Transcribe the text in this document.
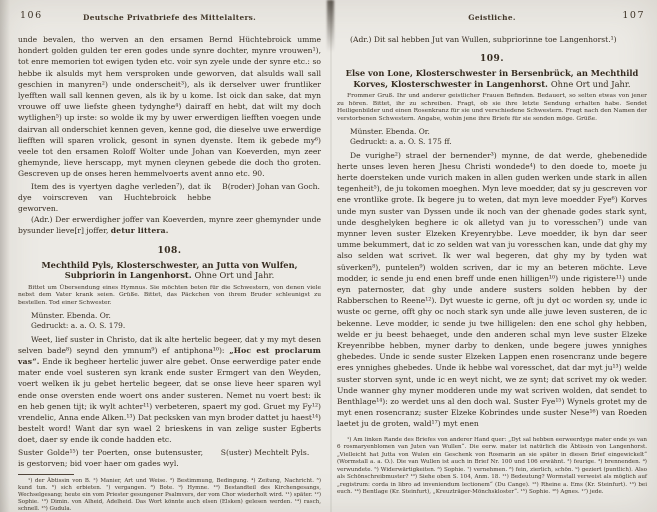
106	Deutsche Privatbriefe des Mittelalters.
unde bevalen, tho werven an den ersamen Bernd Hüchtebroick umme hondert golden gulden ter eren godes unde synre dochter, mynre vrouwen¹), tot enre memorien tot ewigen tyden etc. voir syn zyele unde der synre etc.: so hebbe ik alsulds myt hem versproken unde geworven, dat alsulds wall sall geschien in manyren²) unde onderscheit³), als ik derselver uwer fruntliker lyefften wall sall kennen geven, als ik by u kome. Ist oick dan sake, dat myn vrouwe off uwe liefste gheen tydynghe⁴) dairaff en hebt, dat wilt my doch wytlighen⁵) up irste: so wolde ik my by uwer erwerdigen liefften voegen unde dairvan all onderschiet kennen geven, kenne god, die dieselve uwe erwerdige liefften will sparen vrolick, gesont in synen dyenste. Item ik gebede my⁶) veele tot den ersamen Roloff Wolter unde Johan van Koeverden, myn zeer ghemynde, lieve herscapp, myt mynen cleynen gebede die doch tho groten. Gescreven up de onses heren hemmelvoerts avent anno etc. 90.
Item des is vyertyen daghe verleden⁷), dat ik dye voirscreven van Huchtebroick hebbe geworven.
B(roder) Johan van Goch.
(Adr.) Der erwerdigher joffer van Koeverden, mynre zeer ghemynder unde bysunder lieve[r] joffer, detur littera.
108.
Mechthild Pyls, Klosterschwester, an Jutta von Wulfen, Subpriorin in Langenhorst. Ohne Ort und Jahr.
Bittet um Übersendung eines Hymnus. Sie möchten beten für die Schwestern, von denen viele nebst dem Vater krank seien. Grüße. Bittet, das Päckchen von ihrem Bruder schleunigst zu bestellen. Tod einer Schwester.
Münster. Ebenda. Or.
Gedruckt: a. a. O. S. 179.
Weet, lief suster in Christo, dat ik alte hertelic begeer, dat y my myt desen selven bade⁸) seynd den ymnum⁹) ef antiphona¹⁰): „Hoc est proclarum vas“. Ende ik begheer hertelic juwer alre gebet. Onse eerwerdige pater ende mater ende voel susteren syn krank ende suster Ermgert van den Weyden, voert welken ik ju gebet hertelic begeer, dat se onse lieve heer sparen wyl ende onse oversten ende woert ons ander susteren. Nemet nu voert best: ik en heb genen tijt; ik wylt achter¹¹) verbeteren, spaert my god. Gruet my Fy¹²) vrendelic, Anna ende Alken.¹³) Dat pecksken van myn broder dattet ju haest¹⁴) bestelt word! Want dar syn wael 2 brieskens in van zelige suster Egberts doet, daer sy ende ik conde hadden etc.
Suster Golde¹⁵) ter Poerten, onse butensuster, is gestorven; bid voer haer om gades wyl.
S(uster) Mechtelt Pyls.
¹) der Äbtissin von B. ²) Manier, Art und Weise. ³) Bestimmung, Bedingung. ⁴) Zeitung, Nachricht. ⁵) kund tun. ⁶) sich erbieten. ⁷) vergangen. ⁸) Bote. ⁹) Hymne. ¹⁰) Bestandteil des Kirchengesangs, Wechselgesang; heute ein vom Priester gesungener Psalmvers, der vom Chor wiederholt wird. ¹¹) später. ¹²) Sophie. ¹³) Dimin. von Alheid, Adelheid. Das Wort könnte auch elsen (Elsken) gelesen werden. ¹⁴) rasch, schnell. ¹⁵) Gudula.
Geistliche.	107
(Adr.) Dit sal hebben Jut van Wullen, subpriorinne toe Langenhorst.¹)
109.
Else von Lone, Klosterschwester in Bersenbrück, an Mechthild Korves, Klosterschwester in Langenhorst. Ohne Ort und Jahr.
Frommer Gruß. Ihr und anderer geistlicher Frauen Befinden. Bedauert, so selten etwas von jener zu hören. Bittet, ihr zu schreiben. Fragt, ob sie ihre letzte Sendung erhalten habe. Sendet Heiligenbilder und einen Rosenkranz für sie und verschiedene Schwestern. Fragt nach den Namen der verstorbenen Schwestern. Angabe, wohin jene ihre Briefe für sie senden möge. Grüße.
Münster. Ebenda. Or.
Gedruckt: a. a. O. S. 175 ff.
De vurighe²) strael der bernender³) mynne, de dat werde, ghebenedide herte unses leven heren Jhesu Christi wondede⁴) to den doede to, moete ju herte doersteken unde vurich maken in allen guden werken unde stark in allen tegenheit⁵), de ju tokomen moeghen. Myn leve moedder, dat sy ju gescreven vor ene vrontlike grote. Ik begere ju to weten, dat myn leve moedder Fye⁶) Korves unde myn suster van Dyssen unde ik noch van der ghenade godes stark synt, unde desghelyken beghere ic ok alletyd van ju to voresschen⁷) unde van mynner leven suster Elzeken Kreyenrybbe. Leve moedder, ik byn dar seer umme bekummert, dat ic zo selden wat van ju voresschen kan, unde dat ghy my also selden wat scrivet. Ik wer wal begeren, dat ghy my by tyden wat süverken⁸), puntelen⁹) wolden scriven, dar ic my an beteren möchte. Leve modder, ic sende ju end enen breff unde enen hilligen¹⁰) unde rigistere¹¹) unde eyn paternoster, dat ghy unde andere susters solden hebben by der Rabberschen to Reene¹²). Dyt wueste ic gerne, oft ju dyt oc worden sy, unde ic wuste oc gerne, offt ghy oc noch stark syn unde alle juwe leven susteren, de ic bekenne. Leve modder, ic sende ju twe hilligelen: den ene schol ghy hebben, welde er ju beest behaeget, unde den anderen schal myn leve suster Elzeke Kreyenribbe hebben, myner darby to denken, unde begere juwes ynnighes ghebedes. Unde ic sende suster Elzeken Lappen enen rosencranz unde begere eres ynnighes ghebedes. Unde ik hebbe wal voresschet, dat dar myt ju¹³) welde suster storven synt, unde ic en weyt nicht, we ze synt; dat scrivet my ok weder. Unde wanner ghy myner modderen unde my wat scriven wolden, dat sendet to Benthlage¹⁴): zo werdet uns al den doch wal. Suster Fye¹⁵) Wynels grotet my de myt enen rosencranz; suster Elzeke Kobrindes unde suster Nese¹⁶) van Roeden laetet ju de groten, wald¹⁷) myt enen
¹) Am linken Rande des Briefes von anderer Hand quer: „Dyt sal hebben eerweerdyge mater ende ys van 6 rosmaryenblomen van Juten van Wullen“. Die eerw. mater ist natürlich die Äbtissin von Langenhorst. „Vielleicht hat Jutta von Wulen ein Geschenk von Rosmarin an sie später in diesen Brief eingewickelt“ (Wormstall a. a. O.). Die van Wullen ist auch in Brief Nr. 100 und 106 erwähnt. ²) feurige. ³) brennenden. ⁴) verwundete. ⁵) Widerwärtigkeiten. ⁶) Sophie. ⁷) vernehmen. ⁸) fein, zierlich, schön. ⁹) geziert (puntlich). Also als Schönschreibmuster? ¹⁰) Siehe oben S. 104, Anm. 18. ¹¹) Bedeutung? Wormstall verweist als möglich auf „registrum: corda in libro ad inveniendum lectionem“ (Du Cange). ¹²) Rheine a. Ems (Kr. Steinfurt). ¹³) bei euch. ¹⁴) Bentlage (Kr. Steinfurt), „Kreuzträger-Mönchskloster“. ¹⁵) Sophie. ¹⁶) Agnes. ¹⁷) jede.
